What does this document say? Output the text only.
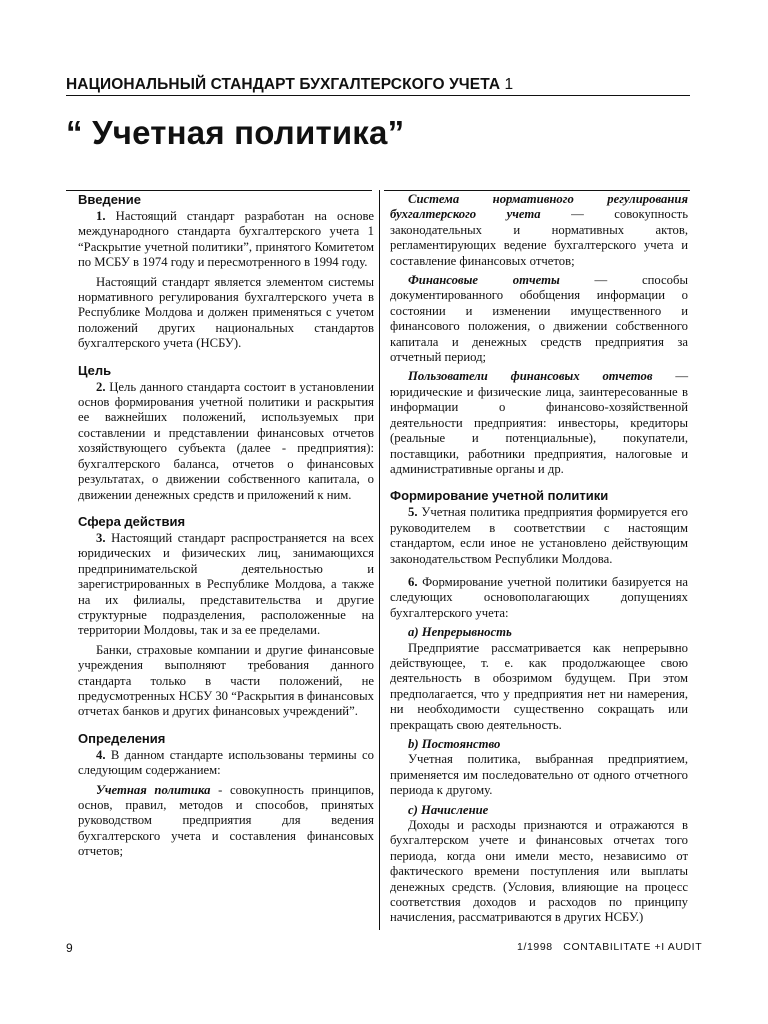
НАЦИОНАЛЬНЫЙ СТАНДАРТ БУХГАЛТЕРСКОГО УЧЕТА 1
“ Учетная политика”
Введение
1. Настоящий стандарт разработан на основе международного стандарта бухгалтерского учета 1 “Раскрытие учетной политики”, принятого Комитетом по МСБУ в 1974 году и пересмотренного в 1994 году.
Настоящий стандарт является элементом системы нормативного регулирования бухгалтерского учета в Республике Молдова и должен применяться с учетом положений других национальных стандартов бухгалтерского учета (НСБУ).
Цель
2. Цель данного стандарта состоит в установлении основ формирования учетной политики и раскрытия ее важнейших положений, используемых при составлении и представлении финансовых отчетов хозяйствующего субъекта (далее - предприятия): бухгалтерского баланса, отчетов о финансовых результатах, о движении собственного капитала, о движении денежных средств и приложений к ним.
Сфера действия
3. Настоящий стандарт распространяется на всех юридических и физических лиц, занимающихся предпринимательской деятельностью и зарегистрированных в Республике Молдова, а также на их филиалы, представительства и другие структурные подразделения, расположенные на территории Молдовы, так и за ее пределами.
Банки, страховые компании и другие финансовые учреждения выполняют требования данного стандарта только в части положений, не предусмотренных НСБУ 30 “Раскрытия в финансовых отчетах банков и других финансовых учреждений”.
Определения
4. В данном стандарте использованы термины со следующим содержанием:
Учетная политика - совокупность принципов, основ, правил, методов и способов, принятых руководством предприятия для ведения бухгалтерского учета и составления финансовых отчетов;
Система нормативного регулирования бухгалтерского учета — совокупность законодательных и нормативных актов, регламентирующих ведение бухгалтерского учета и составление финансовых отчетов;
Финансовые отчеты — способы документированного обобщения информации о состоянии и изменении имущественного и финансового положения, о движении собственного капитала и денежных средств предприятия за отчетный период;
Пользователи финансовых отчетов — юридические и физические лица, заинтересованные в информации о финансово-хозяйственной деятельности предприятия: инвесторы, кредиторы (реальные и потенциальные), покупатели, поставщики, работники предприятия, налоговые и административные органы и др.
Формирование учетной политики
5. Учетная политика предприятия формируется его руководителем в соответствии с настоящим стандартом, если иное не установлено действующим законодательством Республики Молдова.
6. Формирование учетной политики базируется на следующих основополагающих допущениях бухгалтерского учета:
a) Непрерывность
Предприятие рассматривается как непрерывно действующее, т. е. как продолжающее свою деятельность в обозримом будущем. При этом предполагается, что у предприятия нет ни намерения, ни необходимости существенно сокращать или прекращать свою деятельность.
b) Постоянство
Учетная политика, выбранная предприятием, применяется им последовательно от одного отчетного периода к другому.
c) Начисление
Доходы и расходы признаются и отражаются в бухгалтерском учете и финансовых отчетах того периода, когда они имели место, независимо от фактического времени поступления или выплаты денежных средств. (Условия, влияющие на процесс соответствия доходов и расходов по принципу начисления, рассматриваются в других НСБУ.)
9	1/1998 CONTABILITATE +I AUDIT
